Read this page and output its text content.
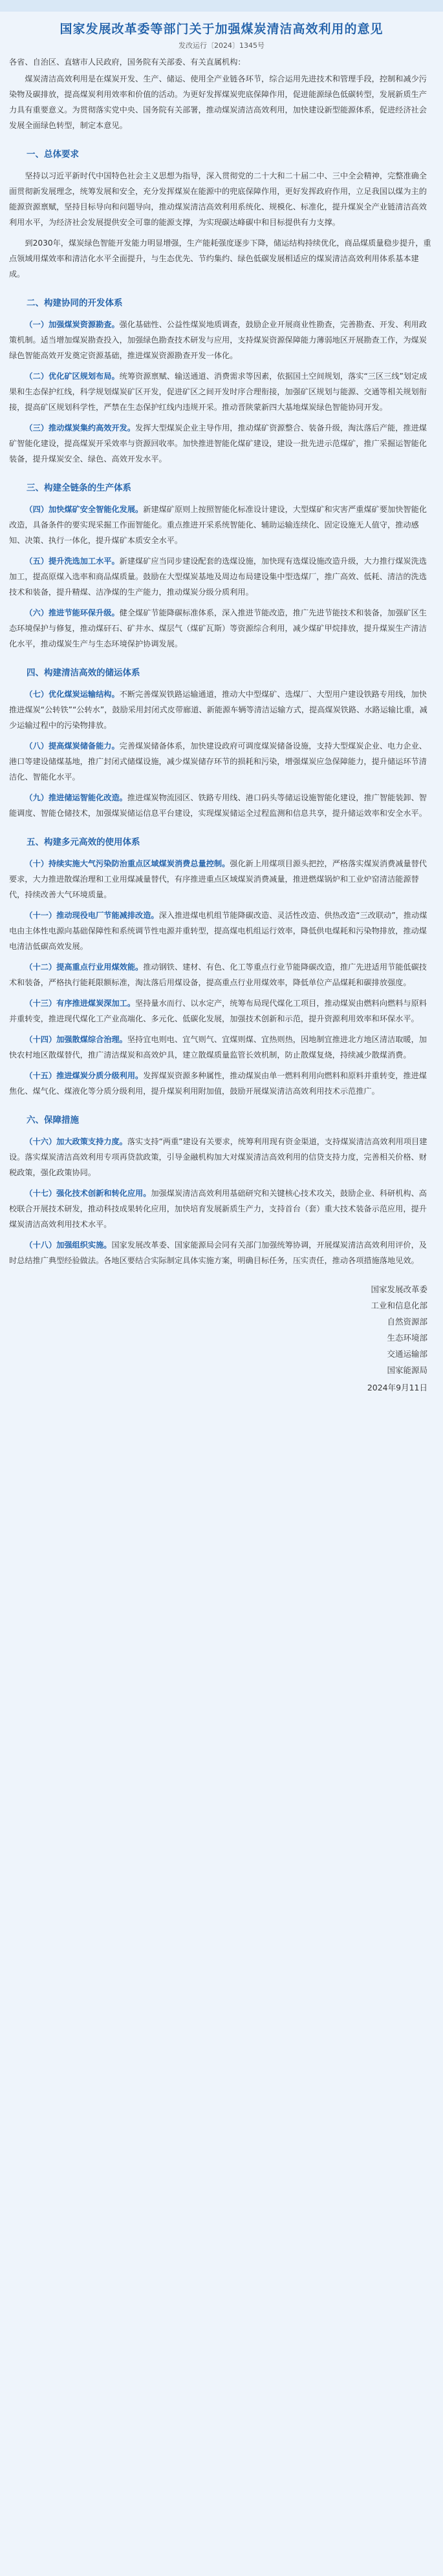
国家发展改革委等部门关于加强煤炭清洁高效利用的意见
发改运行〔2024〕1345号

各省、自治区、直辖市人民政府，国务院有关部委、有关直属机构：

煤炭清洁高效利用是在煤炭开发、生产、储运、使用全产业链各环节，综合运用先进技术和管理手段，控制和减少污染物及碳排放，提高煤炭利用效率和价值的活动。为更好发挥煤炭兜底保障作用，促进能源绿色低碳转型，发展新质生产力具有重要意义。为贯彻落实党中央、国务院有关部署，推动煤炭清洁高效利用，加快建设新型能源体系，促进经济社会发展全面绿色转型，制定本意见。

一、总体要求

坚持以习近平新时代中国特色社会主义思想为指导，深入贯彻党的二十大和二十届二中、三中全会精神，完整准确全面贯彻新发展理念，统筹发展和安全，充分发挥煤炭在能源中的兜底保障作用，更好发挥政府作用，立足我国以煤为主的能源资源禀赋，坚持目标导向和问题导向，推动煤炭清洁高效利用系统化、规模化、标准化，提升煤炭全产业链清洁高效利用水平，为经济社会发展提供安全可靠的能源支撑，为实现碳达峰碳中和目标提供有力支撑。

到2030年，煤炭绿色智能开发能力明显增强，生产能耗强度逐步下降，储运结构持续优化，商品煤质量稳步提升，重点领域用煤效率和清洁化水平全面提升，与生态优先、节约集约、绿色低碳发展相适应的煤炭清洁高效利用体系基本建成。

二、构建协同的开发体系

（一）加强煤炭资源勘查。强化基础性、公益性煤炭地质调查，鼓励企业开展商业性勘查，完善勘查、开发、利用政策机制。适当增加煤炭勘查投入，加强绿色勘查技术研发与应用，支持煤炭资源保障能力薄弱地区开展勘查工作，为煤炭绿色智能高效开发奠定资源基础，推进煤炭资源勘查开发一体化。

（二）优化矿区规划布局。统筹资源禀赋、输送通道、消费需求等因素，依据国土空间规划，落实“三区三线”划定成果和生态保护红线，科学规划煤炭矿区开发，促进矿区之间开发时序合理衔接，加强矿区规划与能源、交通等相关规划衔接，提高矿区规划科学性，严禁在生态保护红线内违规开采。推动晋陕蒙新四大基地煤炭绿色智能协同开发。

（三）推动煤炭集约高效开发。发挥大型煤炭企业主导作用，推动煤矿资源整合、装备升级，淘汰落后产能，推进煤矿智能化建设，提高煤炭开采效率与资源回收率。加快推进智能化煤矿建设，建设一批先进示范煤矿，推广采掘运智能化装备，提升煤炭安全、绿色、高效开发水平。

三、构建全链条的生产体系

（四）加快煤矿安全智能化发展。新建煤矿原则上按照智能化标准设计建设，大型煤矿和灾害严重煤矿要加快智能化改造，具备条件的要实现采掘工作面智能化。重点推进开采系统智能化、辅助运输连续化、固定设施无人值守，推动感知、决策、执行一体化，提升煤矿本质安全水平。

（五）提升洗选加工水平。新建煤矿应当同步建设配套的选煤设施，加快现有选煤设施改造升级，大力推行煤炭洗选加工，提高原煤入选率和商品煤质量。鼓励在大型煤炭基地及周边布局建设集中型选煤厂，推广高效、低耗、清洁的洗选技术和装备，提升精煤、洁净煤的生产能力，推动煤炭分级分质利用。

（六）推进节能环保升级。健全煤矿节能降碳标准体系，深入推进节能改造，推广先进节能技术和装备，加强矿区生态环境保护与修复，推动煤矸石、矿井水、煤层气（煤矿瓦斯）等资源综合利用，减少煤矿甲烷排放，提升煤炭生产清洁化水平，推动煤炭生产与生态环境保护协调发展。

四、构建清洁高效的储运体系

（七）优化煤炭运输结构。不断完善煤炭铁路运输通道，推动大中型煤矿、选煤厂、大型用户建设铁路专用线，加快推进煤炭“公转铁”“公转水”，鼓励采用封闭式皮带廊道、新能源车辆等清洁运输方式，提高煤炭铁路、水路运输比重，减少运输过程中的污染物排放。

（八）提高煤炭储备能力。完善煤炭储备体系，加快建设政府可调度煤炭储备设施，支持大型煤炭企业、电力企业、港口等建设储煤基地，推广封闭式储煤设施，减少煤炭储存环节的损耗和污染，增强煤炭应急保障能力，提升储运环节清洁化、智能化水平。

（九）推进储运智能化改造。推进煤炭物流园区、铁路专用线、港口码头等储运设施智能化建设，推广智能装卸、智能调度、智能仓储技术，加强煤炭储运信息平台建设，实现煤炭储运全过程监测和信息共享，提升储运效率和安全水平。

五、构建多元高效的使用体系

（十）持续实施大气污染防治重点区域煤炭消费总量控制。强化新上用煤项目源头把控，严格落实煤炭消费减量替代要求，大力推进散煤治理和工业用煤减量替代，有序推进重点区域煤炭消费减量，推进燃煤锅炉和工业炉窑清洁能源替代，持续改善大气环境质量。

（十一）推动现役电厂节能减排改造。深入推进煤电机组节能降碳改造、灵活性改造、供热改造“三改联动”，推动煤电由主体性电源向基础保障性和系统调节性电源并重转型，提高煤电机组运行效率，降低供电煤耗和污染物排放，推动煤电清洁低碳高效发展。

（十二）提高重点行业用煤效能。推动钢铁、建材、有色、化工等重点行业节能降碳改造，推广先进适用节能低碳技术和装备，严格执行能耗限额标准，淘汰落后用煤设备，提高重点行业用煤效率，降低单位产品煤耗和碳排放强度。

（十三）有序推进煤炭深加工。坚持量水而行、以水定产，统筹布局现代煤化工项目，推动煤炭由燃料向燃料与原料并重转变，推进现代煤化工产业高端化、多元化、低碳化发展，加强技术创新和示范，提升资源利用效率和环保水平。

（十四）加强散煤综合治理。坚持宜电则电、宜气则气、宜煤则煤、宜热则热，因地制宜推进北方地区清洁取暖，加快农村地区散煤替代，推广清洁煤炭和高效炉具，建立散煤质量监管长效机制，防止散煤复烧，持续减少散煤消费。

（十五）推进煤炭分质分级利用。发挥煤炭资源多种属性，推动煤炭由单一燃料利用向燃料和原料并重转变，推进煤焦化、煤气化、煤液化等分质分级利用，提升煤炭利用附加值，鼓励开展煤炭清洁高效利用技术示范推广。

六、保障措施

（十六）加大政策支持力度。落实支持“两重”建设有关要求，统筹利用现有资金渠道，支持煤炭清洁高效利用项目建设。落实煤炭清洁高效利用专项再贷款政策，引导金融机构加大对煤炭清洁高效利用的信贷支持力度，完善相关价格、财税政策，强化政策协同。

（十七）强化技术创新和转化应用。加强煤炭清洁高效利用基础研究和关键核心技术攻关，鼓励企业、科研机构、高校联合开展技术研发，推动科技成果转化应用，加快培育发展新质生产力，支持首台（套）重大技术装备示范应用，提升煤炭清洁高效利用技术水平。

（十八）加强组织实施。国家发展改革委、国家能源局会同有关部门加强统筹协调，开展煤炭清洁高效利用评价，及时总结推广典型经验做法。各地区要结合实际制定具体实施方案，明确目标任务，压实责任，推动各项措施落地见效。

国家发展改革委
工业和信息化部
自然资源部
生态环境部
交通运输部
国家能源局
2024年9月11日
